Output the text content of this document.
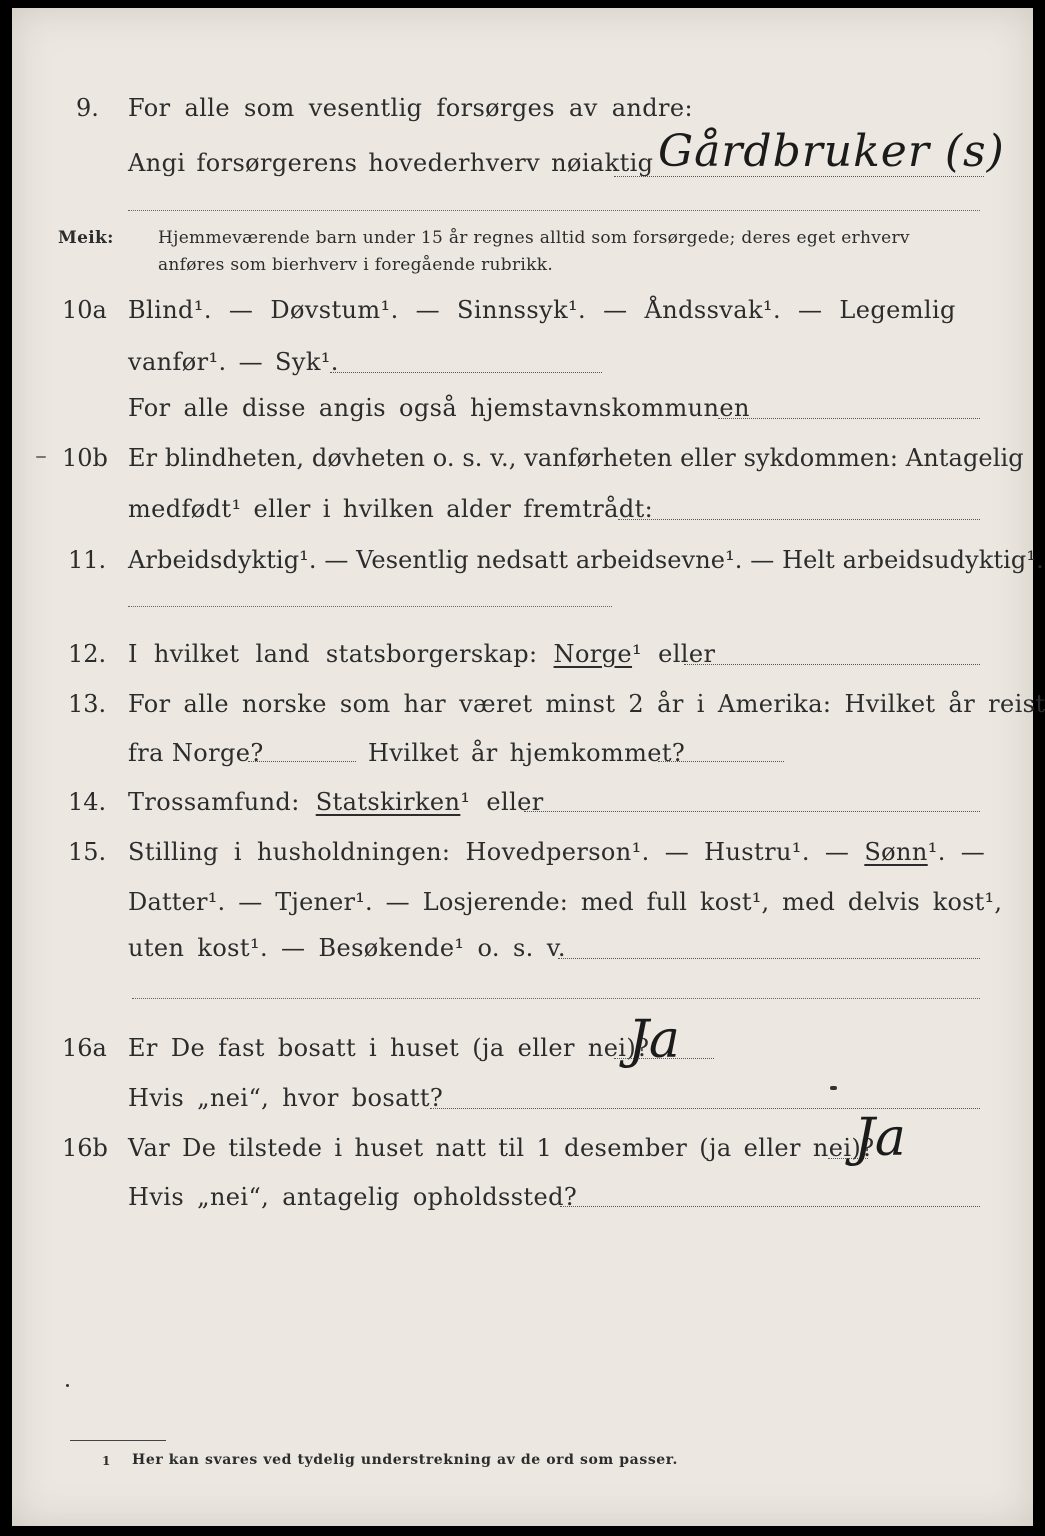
9. For alle som vesentlig forsørges av andre:
Angi forsørgerens hovederhverv nøiaktig Gårdbruker (s)
Meik:	Hjemmeværende barn under 15 år regnes alltid som forsørgede; deres eget erhverv
anføres som bierhverv i foregående rubrikk.
10a Blind¹. — Døvstum¹. — Sinnssyk¹. — Åndssvak¹. — Legemlig
vanfør¹. — Syk¹.
For alle disse angis også hjemstavnskommunen
10b Er blindheten, døvheten o. s. v., vanførheten eller sykdommen: Antagelig
medfødt¹ eller i hvilken alder fremtrådt:
11. Arbeidsdyktig¹. — Vesentlig nedsatt arbeidsevne¹. — Helt arbeidsudyktig¹.
12. I hvilket land statsborgerskap: Norge¹ eller
13. For alle norske som har været minst 2 år i Amerika: Hvilket år reist
fra Norge?	Hvilket år hjemkommet?
14. Trossamfund: Statskirken¹ eller
15. Stilling i husholdningen: Hovedperson¹. — Hustru¹. — Sønn¹. —
Datter¹. — Tjener¹. — Losjerende: med full kost¹, med delvis kost¹,
uten kost¹. — Besøkende¹ o. s. v.
16a Er De fast bosatt i huset (ja eller nei)?
Ja
Hvis „nei“, hvor bosatt?
16b Var De tilstede i huset natt til 1 desember (ja eller nei)?
Ja
Hvis „nei“, antagelig opholdssted?
1 Her kan svares ved tydelig understrekning av de ord som passer.
